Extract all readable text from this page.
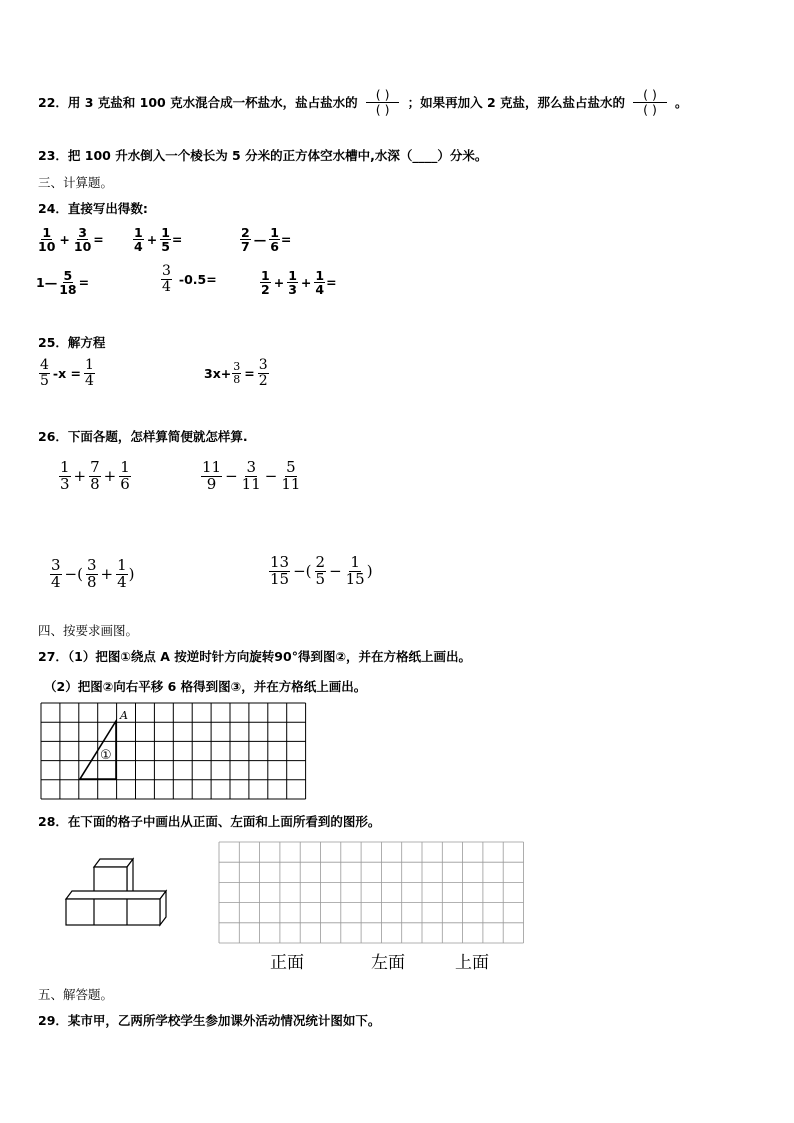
22．用 3 克盐和 100 克水混合成一杯盐水，盐占盐水的
( )
( )	；如果再加入 2 克盐，那么盐占盐水的
( )
( )	。
23．把 100 升水倒入一个棱长为 5 分米的正方体空水槽中,水深（____）分米。
三、计算题。
24．直接写出得数:
$\frac{1}{10} + \frac{3}{10} = \frac{1}{4} + \frac{1}{5}$ =	$\frac{2}{7}$ — $\frac{1}{6}$ =
1— $\frac{5}{18}$ =	$\frac{3}{4} -0.5=$	$\frac{1}{2} + \frac{1}{3} + \frac{1}{4}$ =
25．解方程
$\frac{4}{5} -x = \frac{1}{4}$	$3x+ \frac{3}{8} = \frac{3}{2}$
26．下面各题，怎样算简便就怎样算.
$\frac{1}{3} + \frac{7}{8} + \frac{1}{6}$	$\frac{11}{9} - \frac{3}{11} - \frac{5}{11}$
$\frac{3}{4}$ −( $\frac{3}{8} + \frac{1}{4}$ )	$\frac{13}{15}$ −( $\frac{2}{5} - \frac{1}{15}$ )
四、按要求画图。
27．（1）把图①绕点 A 按逆时针方向旋转90°得到图②，并在方格纸上画出。
（2）把图②向右平移 6 格得到图③，并在方格纸上画出。
A
①
28．在下面的格子中画出从正面、左面和上面所看到的图形。
正面	左面	上面
五、解答题。
29．某市甲，乙两所学校学生参加课外活动情况统计图如下。
